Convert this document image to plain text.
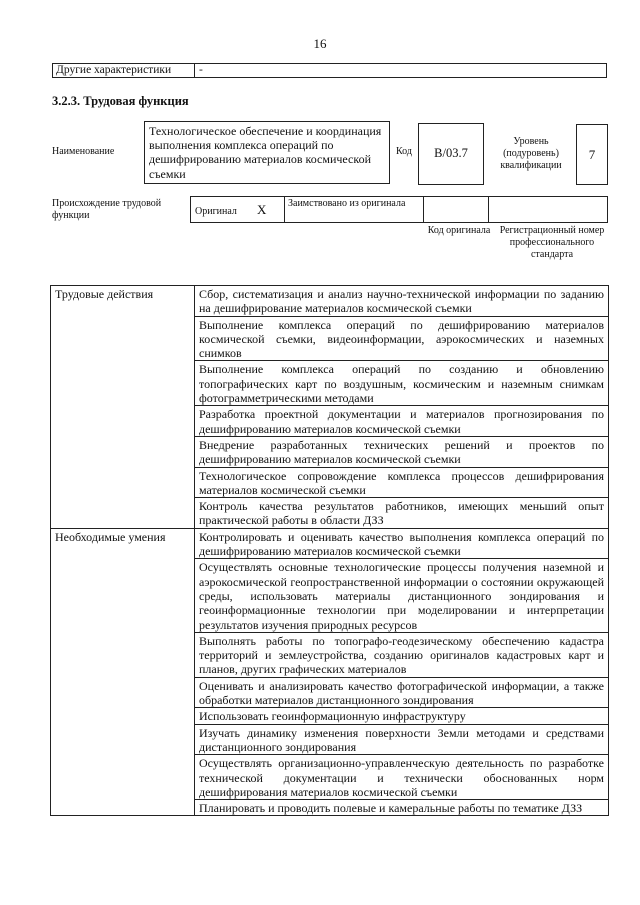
16
Другие характеристики	-
3.2.3. Трудовая функция
Наименование
Технологическое обеспечение и координация выполнения комплекса операций по дешифрированию материалов космической съемки
Код	B/03.7
Уровень (подуровень) квалификации
7
Происхождение трудовой функции	Оригинал X Заимствовано из оригинала
Код оригинала Регистрационный номер профессионального стандарта
Трудовые действия	Сбор, систематизация и анализ научно-технической информации по заданию на дешифрирование материалов космической съемки
	Выполнение комплекса операций по дешифрированию материалов космической съемки, видеоинформации, аэрокосмических и наземных снимков
	Выполнение комплекса операций по созданию и обновлению топографических карт по воздушным, космическим и наземным снимкам фотограмметрическими методами
	Разработка проектной документации и материалов прогнозирования по дешифрированию материалов космической съемки
	Внедрение разработанных технических решений и проектов по дешифрированию материалов космической съемки
	Технологическое сопровождение комплекса процессов дешифрирования материалов космической съемки
	Контроль качества результатов работников, имеющих меньший опыт практической работы в области ДЗЗ
Необходимые умения	Контролировать и оценивать качество выполнения комплекса операций по дешифрированию материалов космической съемки
	Осуществлять основные технологические процессы получения наземной и аэрокосмической геопространственной информации о состоянии окружающей среды, использовать материалы дистанционного зондирования и геоинформационные технологии при моделировании и интерпретации результатов изучения природных ресурсов
	Выполнять работы по топографо-геодезическому обеспечению кадастра территорий и землеустройства, созданию оригиналов кадастровых карт и планов, других графических материалов
	Оценивать и анализировать качество фотографической информации, а также обработки материалов дистанционного зондирования
	Использовать геоинформационную инфраструктуру
	Изучать динамику изменения поверхности Земли методами и средствами дистанционного зондирования
	Осуществлять организационно-управленческую деятельность по разработке технической документации и технически обоснованных норм дешифрирования материалов космической съемки
	Планировать и проводить полевые и камеральные работы по тематике ДЗЗ
